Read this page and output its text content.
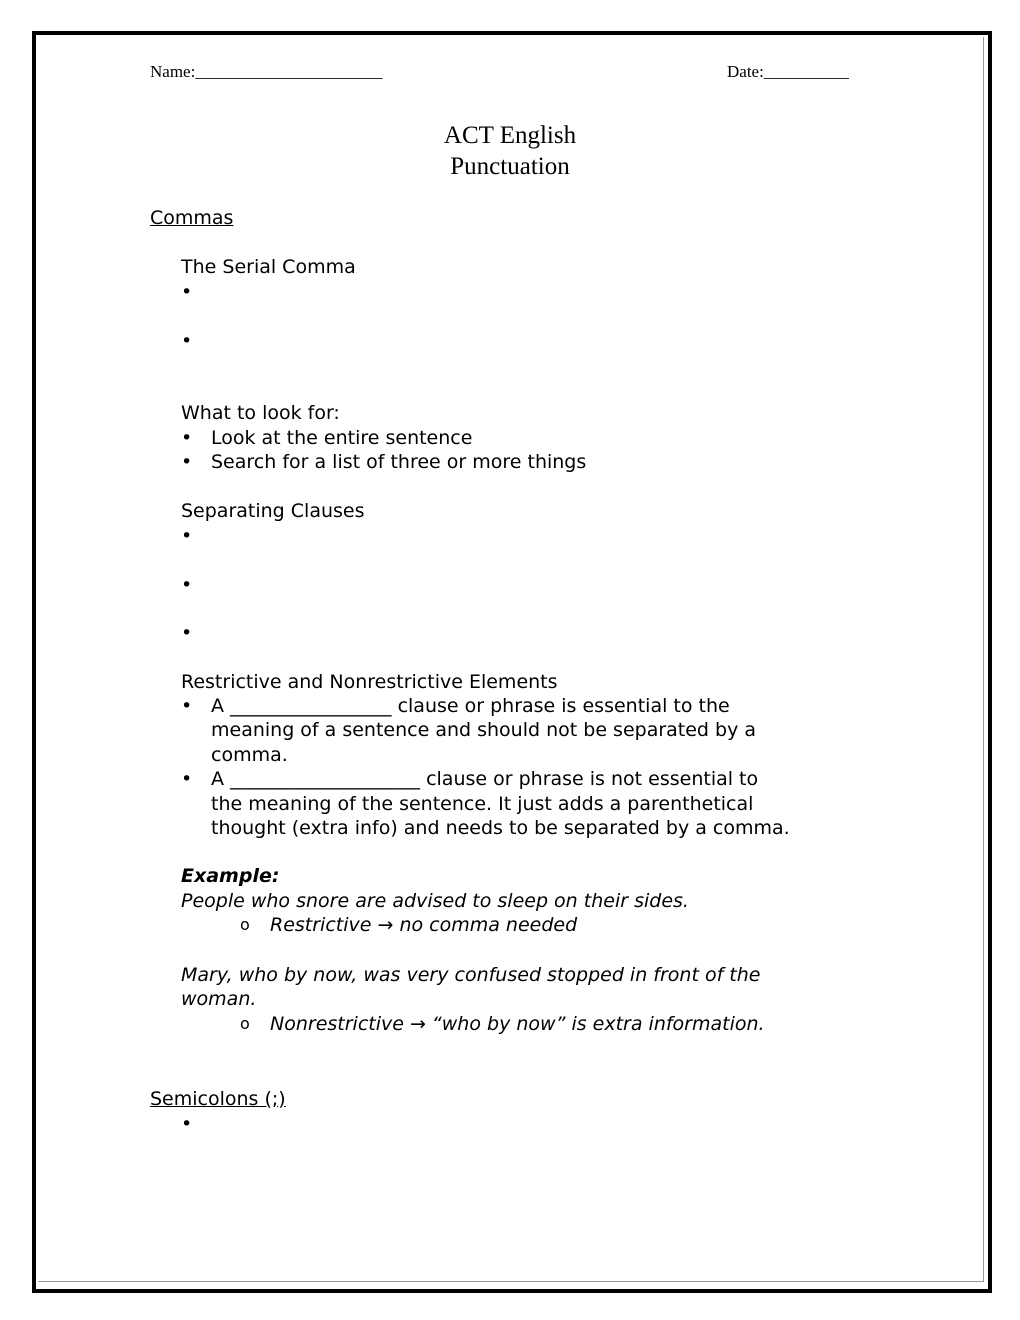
Name:______________________	Date:__________
ACT English
Punctuation
Commas
The Serial Comma
•
•
What to look for:
• Look at the entire sentence
• Search for a list of three or more things
Separating Clauses
•
•
•
Restrictive and Nonrestrictive Elements
• A _________________ clause or phrase is essential to the
meaning of a sentence and should not be separated by a
comma.
• A ____________________ clause or phrase is not essential to
the meaning of the sentence. It just adds a parenthetical
thought (extra info) and needs to be separated by a comma.
Example:
People who snore are advised to sleep on their sides.
o Restrictive → no comma needed
Mary, who by now, was very confused stopped in front of the
woman.
o Nonrestrictive → “who by now” is extra information.
Semicolons (;)
•
